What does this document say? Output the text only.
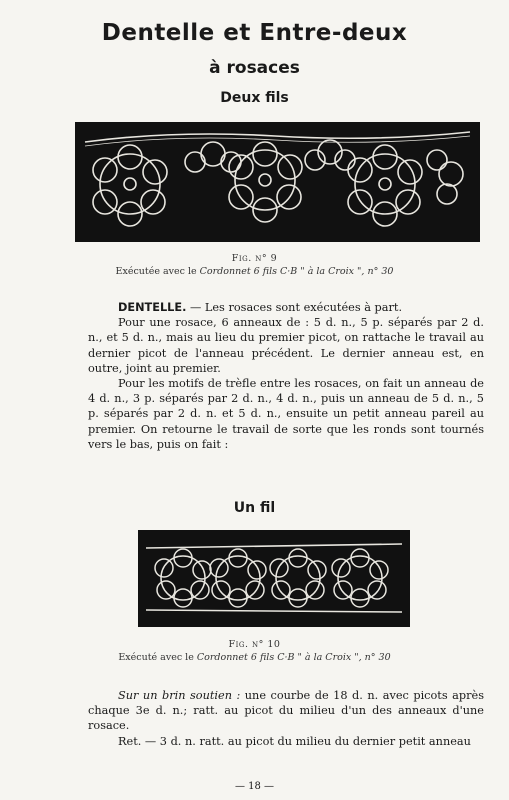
Dentelle et Entre-deux
à rosaces
Deux fils
Fig. n° 9
Exécutée avec le Cordonnet 6 fils C·B " à la Croix ", n° 30

DENTELLE. — Les rosaces sont exécutées à part.

Pour une rosace, 6 anneaux de : 5 d. n., 5 p. séparés par 2 d. n., et 5 d. n., mais au lieu du premier picot, on rattache le travail au dernier picot de l'anneau précédent. Le dernier anneau est, en outre, joint au premier.

Pour les motifs de trèfle entre les rosaces, on fait un anneau de 4 d. n., 3 p. séparés par 2 d. n., 4 d. n., puis un anneau de 5 d. n., 5 p. séparés par 2 d. n. et 5 d. n., ensuite un petit anneau pareil au premier. On retourne le travail de sorte que les ronds sont tournés vers le bas, puis on fait :

Un fil
Fig. n° 10
Exécuté avec le Cordonnet 6 fils C·B " à la Croix ", n° 30

Sur un brin soutien : une courbe de 18 d. n. avec picots après chaque 3e d. n.; ratt. au picot du milieu d'un des anneaux d'une rosace.

Ret. — 3 d. n. ratt. au picot du milieu du dernier petit anneau

— 18 —
